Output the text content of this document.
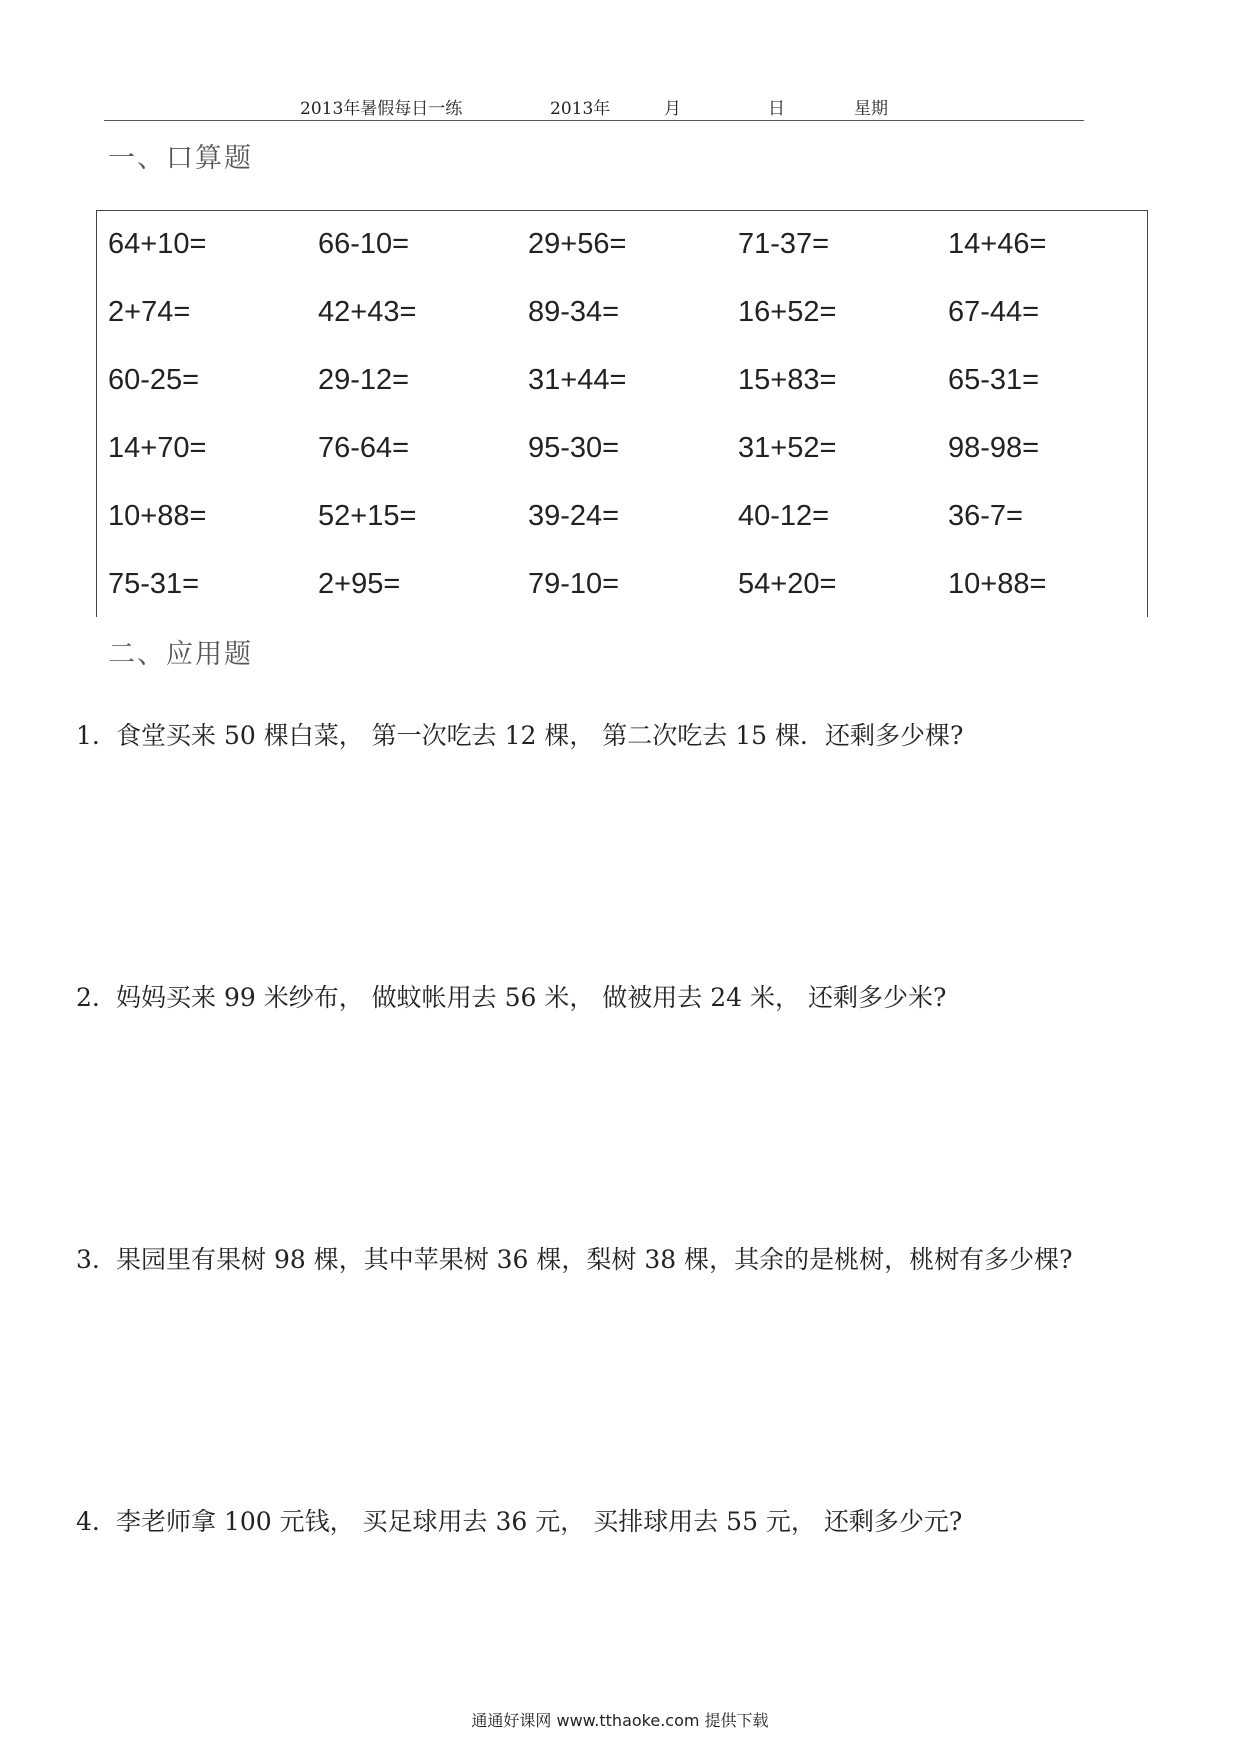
2013年暑假每日一练	2013年	月	日	星期
一、口算题
64+10=	66-10=	29+56=	71-37=	14+46=
2+74=	42+43=	89-34=	16+52=	67-44=
60-25=	29-12=	31+44=	15+83=	65-31=
14+70=	76-64=	95-30=	31+52=	98-98=
10+88=	52+15=	39-24=	40-12=	36-7=
75-31=	2+95=	79-10=	54+20=	10+88=
二、应用题
1. 食堂买来 50 棵白菜， 第一次吃去 12 棵， 第二次吃去 15 棵．还剩多少棵?
2. 妈妈买来 99 米纱布， 做蚊帐用去 56 米， 做被用去 24 米， 还剩多少米?
3. 果园里有果树 98 棵，其中苹果树 36 棵，梨树 38 棵，其余的是桃树，桃树有多少棵?
4. 李老师拿 100 元钱， 买足球用去 36 元， 买排球用去 55 元， 还剩多少元?
通通好课网 www.tthaoke.com 提供下载
